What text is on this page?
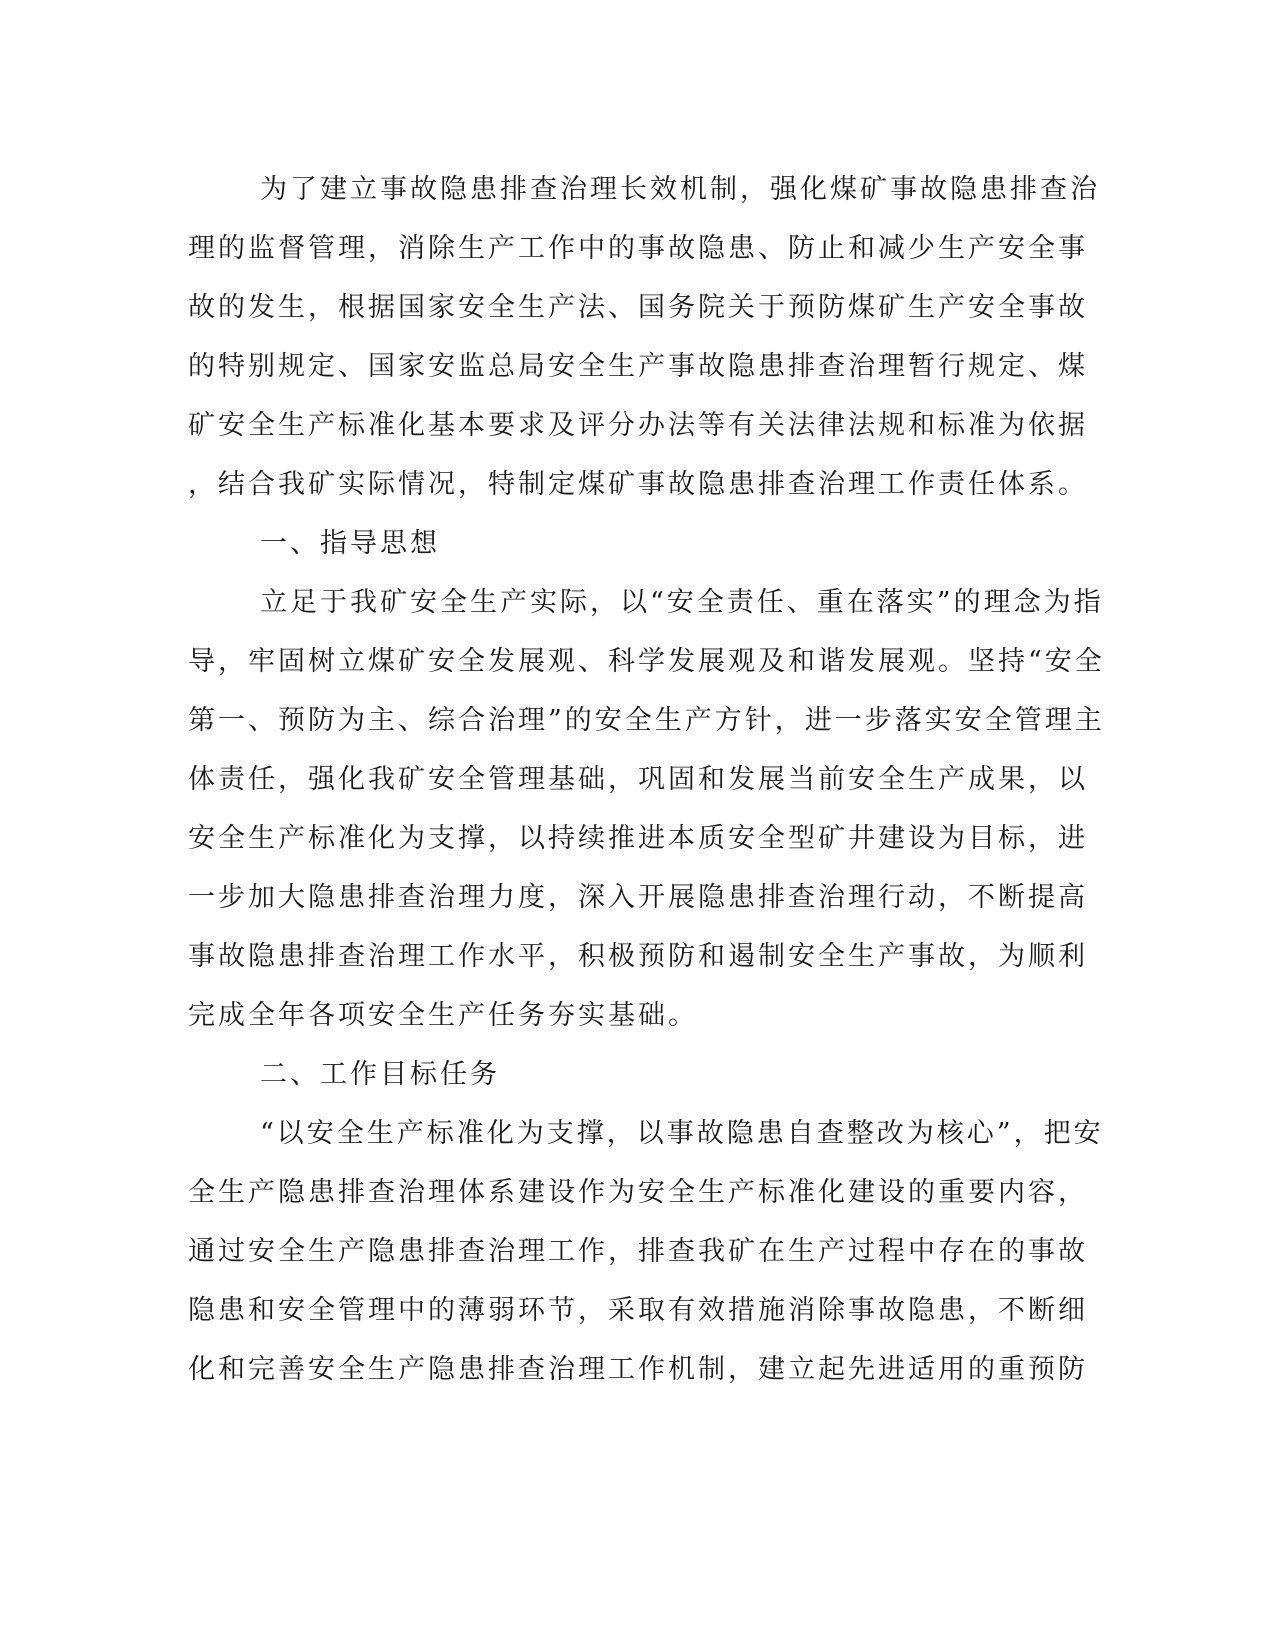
为了建立事故隐患排查治理长效机制，强化煤矿事故隐患排查治
理的监督管理，消除生产工作中的事故隐患、防止和减少生产安全事
故的发生，根据国家安全生产法、国务院关于预防煤矿生产安全事故
的特别规定、国家安监总局安全生产事故隐患排查治理暂行规定、煤
矿安全生产标准化基本要求及评分办法等有关法律法规和标准为依据
，结合我矿实际情况，特制定煤矿事故隐患排查治理工作责任体系。
一、指导思想
立足于我矿安全生产实际，以“安全责任、重在落实”的理念为指
导，牢固树立煤矿安全发展观、科学发展观及和谐发展观。坚持“安全
第一、预防为主、综合治理”的安全生产方针，进一步落实安全管理主
体责任，强化我矿安全管理基础，巩固和发展当前安全生产成果，以
安全生产标准化为支撑，以持续推进本质安全型矿井建设为目标，进
一步加大隐患排查治理力度，深入开展隐患排查治理行动，不断提高
事故隐患排查治理工作水平，积极预防和遏制安全生产事故，为顺利
完成全年各项安全生产任务夯实基础。
二、工作目标任务
“以安全生产标准化为支撑，以事故隐患自查整改为核心”，把安
全生产隐患排查治理体系建设作为安全生产标准化建设的重要内容，
通过安全生产隐患排查治理工作，排查我矿在生产过程中存在的事故
隐患和安全管理中的薄弱环节，采取有效措施消除事故隐患，不断细
化和完善安全生产隐患排查治理工作机制，建立起先进适用的重预防
